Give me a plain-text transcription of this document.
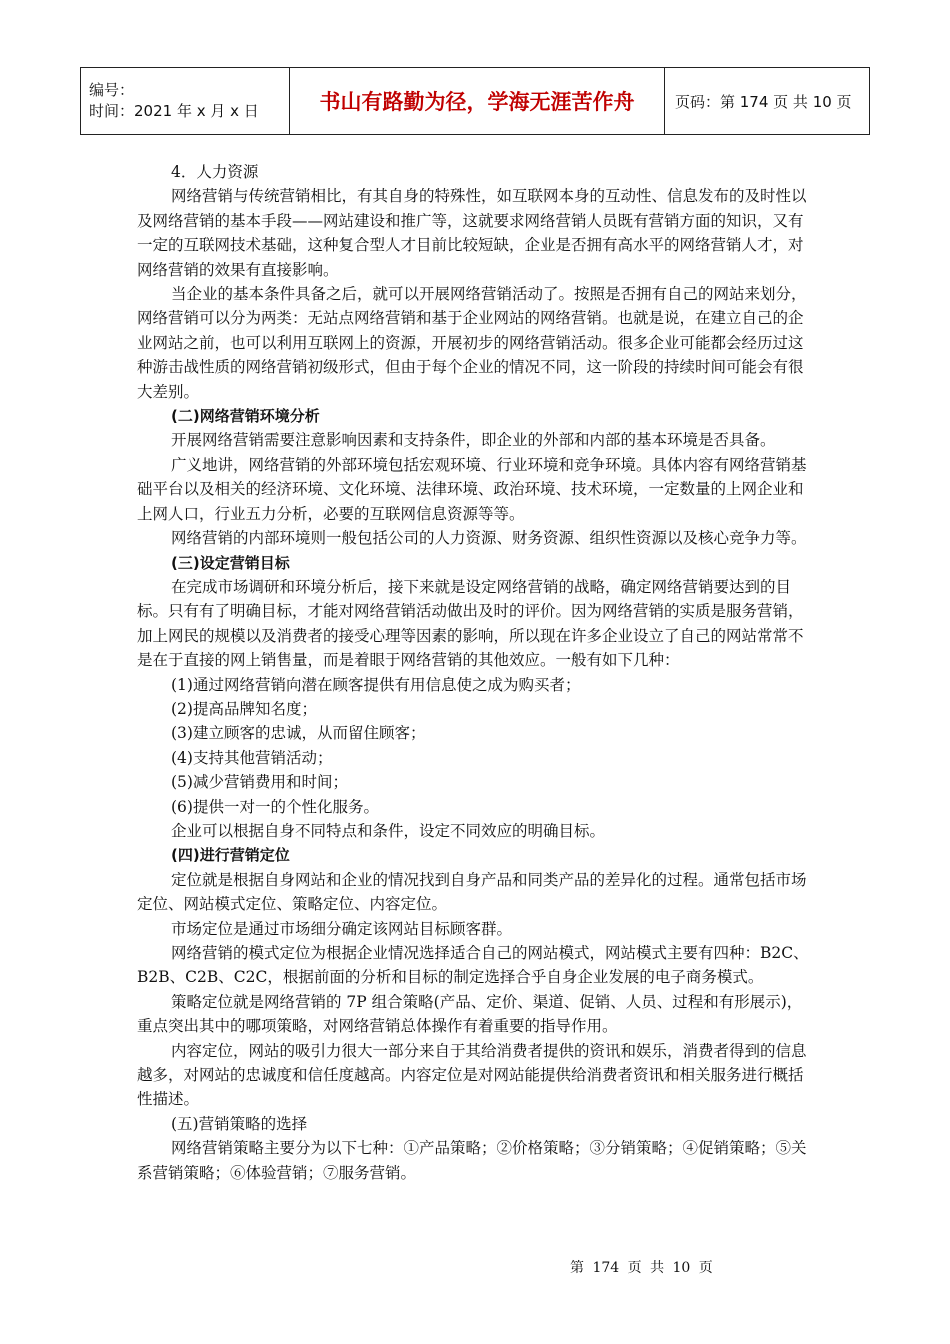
编号：
时间：2021 年 x 月 x 日	书山有路勤为径，学海无涯苦作舟	页码：第 174 页 共 10 页

4．人力资源

网络营销与传统营销相比，有其自身的特殊性，如互联网本身的互动性、信息发布的及时性以及网络营销的基本手段——网站建设和推广等，这就要求网络营销人员既有营销方面的知识，又有一定的互联网技术基础，这种复合型人才目前比较短缺，企业是否拥有高水平的网络营销人才，对网络营销的效果有直接影响。

当企业的基本条件具备之后，就可以开展网络营销活动了。按照是否拥有自己的网站来划分，网络营销可以分为两类：无站点网络营销和基于企业网站的网络营销。也就是说，在建立自己的企业网站之前，也可以利用互联网上的资源，开展初步的网络营销活动。很多企业可能都会经历过这种游击战性质的网络营销初级形式，但由于每个企业的情况不同，这一阶段的持续时间可能会有很大差别。

(二)网络营销环境分析

开展网络营销需要注意影响因素和支持条件，即企业的外部和内部的基本环境是否具备。

广义地讲，网络营销的外部环境包括宏观环境、行业环境和竞争环境。具体内容有网络营销基础平台以及相关的经济环境、文化环境、法律环境、政治环境、技术环境，一定数量的上网企业和上网人口，行业五力分析，必要的互联网信息资源等等。

网络营销的内部环境则一般包括公司的人力资源、财务资源、组织性资源以及核心竞争力等。

(三)设定营销目标

在完成市场调研和环境分析后，接下来就是设定网络营销的战略，确定网络营销要达到的目标。只有有了明确目标，才能对网络营销活动做出及时的评价。因为网络营销的实质是服务营销，加上网民的规模以及消费者的接受心理等因素的影响，所以现在许多企业设立了自己的网站常常不是在于直接的网上销售量，而是着眼于网络营销的其他效应。一般有如下几种：

(1)通过网络营销向潜在顾客提供有用信息使之成为购买者；

(2)提高品牌知名度；

(3)建立顾客的忠诚，从而留住顾客；

(4)支持其他营销活动；

(5)减少营销费用和时间；

(6)提供一对一的个性化服务。

企业可以根据自身不同特点和条件，设定不同效应的明确目标。

(四)进行营销定位

定位就是根据自身网站和企业的情况找到自身产品和同类产品的差异化的过程。通常包括市场定位、网站模式定位、策略定位、内容定位。

市场定位是通过市场细分确定该网站目标顾客群。

网络营销的模式定位为根据企业情况选择适合自己的网站模式，网站模式主要有四种：B2C、B2B、C2B、C2C，根据前面的分析和目标的制定选择合乎自身企业发展的电子商务模式。

策略定位就是网络营销的 7P 组合策略(产品、定价、渠道、促销、人员、过程和有形展示)，重点突出其中的哪项策略，对网络营销总体操作有着重要的指导作用。

内容定位，网站的吸引力很大一部分来自于其给消费者提供的资讯和娱乐，消费者得到的信息越多，对网站的忠诚度和信任度越高。内容定位是对网站能提供给消费者资讯和相关服务进行概括性描述。

(五)营销策略的选择

网络营销策略主要分为以下七种：①产品策略；②价格策略；③分销策略；④促销策略；⑤关系营销策略；⑥体验营销；⑦服务营销。

第 174 页 共 10 页
